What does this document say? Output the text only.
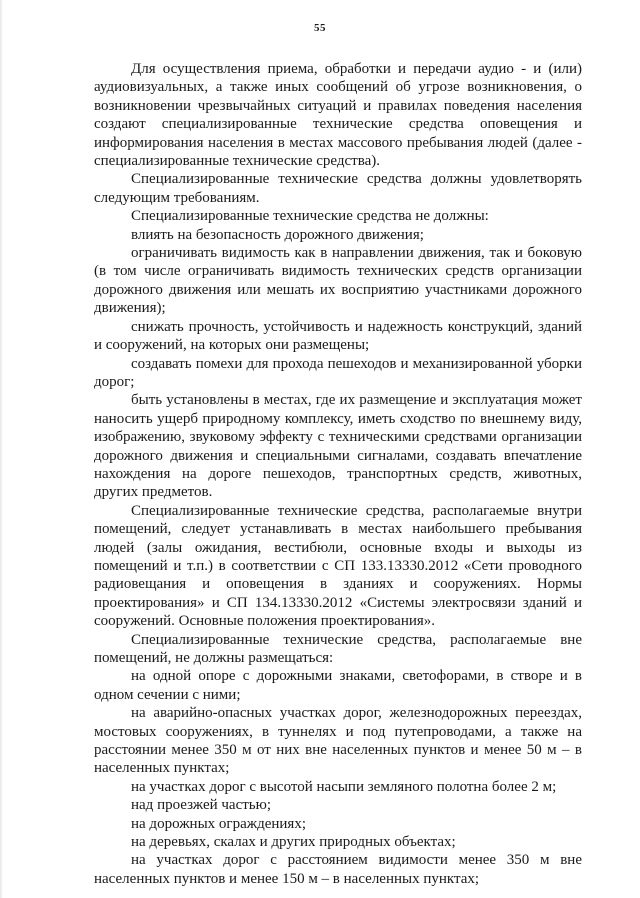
55

Для осуществления приема, обработки и передачи аудио - и (или) аудиовизуальных, а также иных сообщений об угрозе возникновения, о возникновении чрезвычайных ситуаций и правилах поведения населения создают специализированные технические средства оповещения и информирования населения в местах массового пребывания людей (далее - специализированные технические средства).

Специализированные технические средства должны удовлетворять следующим требованиям.

Специализированные технические средства не должны:

влиять на безопасность дорожного движения;

ограничивать видимость как в направлении движения, так и боковую (в том числе ограничивать видимость технических средств организации дорожного движения или мешать их восприятию участниками дорожного движения);

снижать прочность, устойчивость и надежность конструкций, зданий и сооружений, на которых они размещены;

создавать помехи для прохода пешеходов и механизированной уборки дорог;

быть установлены в местах, где их размещение и эксплуатация может наносить ущерб природному комплексу, иметь сходство по внешнему виду, изображению, звуковому эффекту с техническими средствами организации дорожного движения и специальными сигналами, создавать впечатление нахождения на дороге пешеходов, транспортных средств, животных, других предметов.

Специализированные технические средства, располагаемые внутри помещений, следует устанавливать в местах наибольшего пребывания людей (залы ожидания, вестибюли, основные входы и выходы из помещений и т.п.) в соответствии с СП 133.13330.2012 «Сети проводного радиовещания и оповещения в зданиях и сооружениях. Нормы проектирования» и СП 134.13330.2012 «Системы электросвязи зданий и сооружений. Основные положения проектирования».

Специализированные технические средства, располагаемые вне помещений, не должны размещаться:

на одной опоре с дорожными знаками, светофорами, в створе и в одном сечении с ними;

на аварийно-опасных участках дорог, железнодорожных переездах, мостовых сооружениях, в туннелях и под путепроводами, а также на расстоянии менее 350 м от них вне населенных пунктов и менее 50 м – в населенных пунктах;

на участках дорог с высотой насыпи земляного полотна более 2 м;

над проезжей частью;

на дорожных ограждениях;

на деревьях, скалах и других природных объектах;

на участках дорог с расстоянием видимости менее 350 м вне населенных пунктов и менее 150 м – в населенных пунктах;
